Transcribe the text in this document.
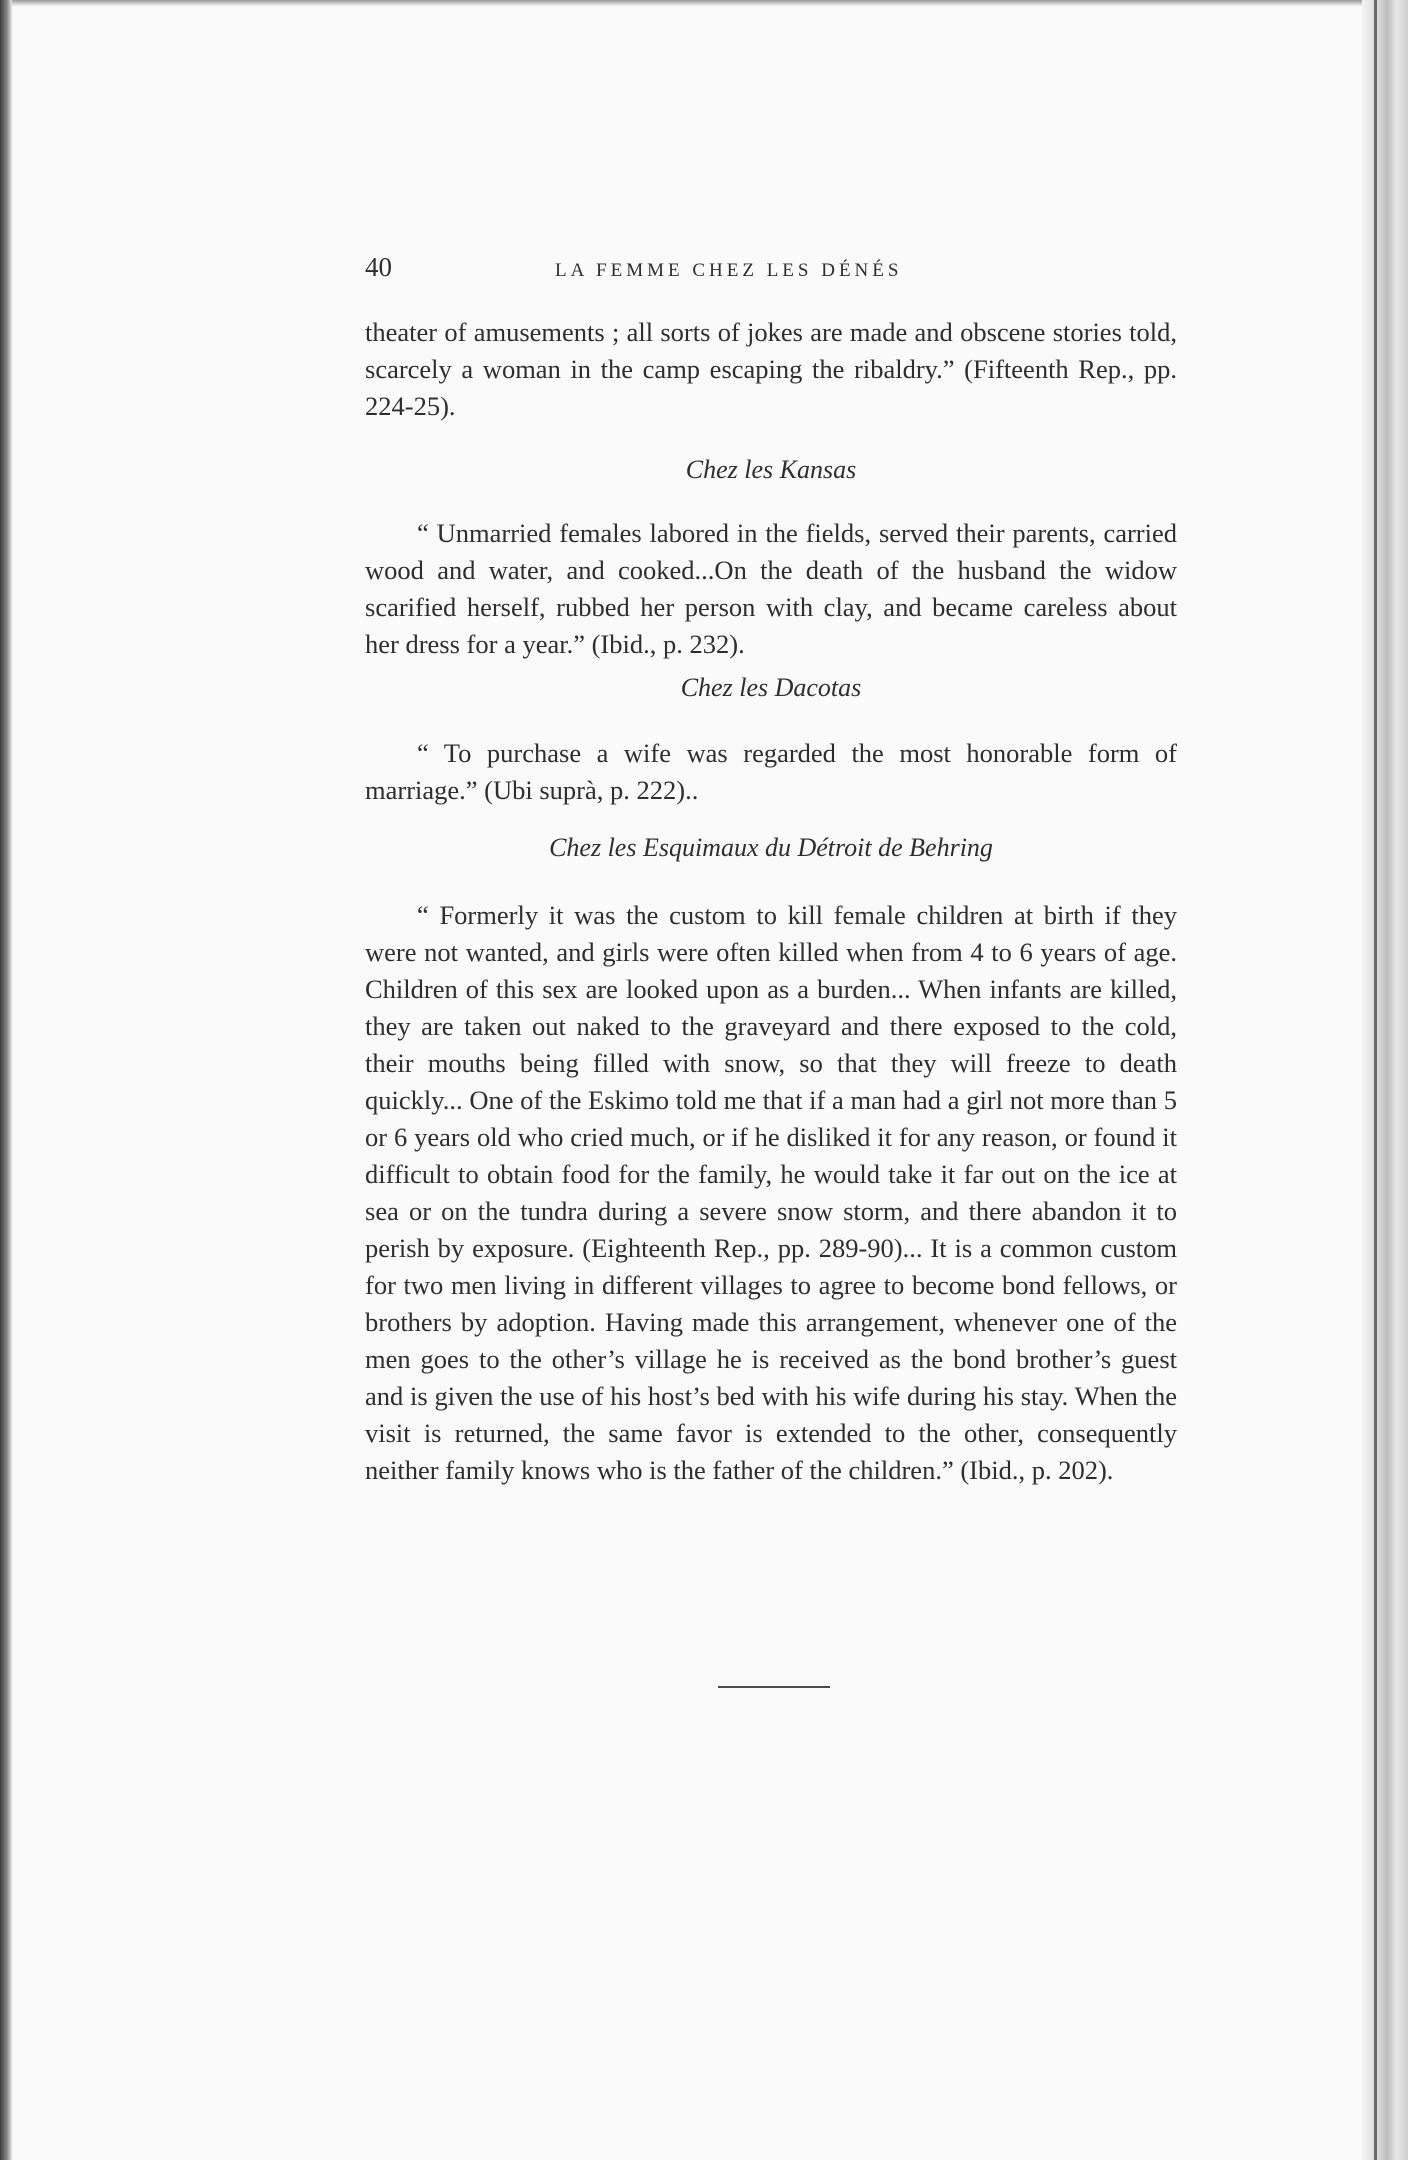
40	LA FEMME CHEZ LES DÉNÉS

theater of amusements ; all sorts of jokes are made and obscene stories told, scarcely a woman in the camp escaping the ribaldry.” (Fifteenth Rep., pp. 224-25).

Chez les Kansas

“ Unmarried females labored in the fields, served their parents, carried wood and water, and cooked...On the death of the husband the widow scarified herself, rubbed her person with clay, and became careless about her dress for a year.” (Ibid., p. 232).

Chez les Dacotas

“ To purchase a wife was regarded the most honorable form of marriage.” (Ubi suprà, p. 222)..

Chez les Esquimaux du Détroit de Behring

“ Formerly it was the custom to kill female children at birth if they were not wanted, and girls were often killed when from 4 to 6 years of age. Children of this sex are looked upon as a burden... When infants are killed, they are taken out naked to the graveyard and there exposed to the cold, their mouths being filled with snow, so that they will freeze to death quickly... One of the Eskimo told me that if a man had a girl not more than 5 or 6 years old who cried much, or if he disliked it for any reason, or found it difficult to obtain food for the family, he would take it far out on the ice at sea or on the tundra during a severe snow storm, and there abandon it to perish by exposure. (Eighteenth Rep., pp. 289-90)... It is a common custom for two men living in different villages to agree to become bond fellows, or brothers by adoption. Having made this arrangement, whenever one of the men goes to the other’s village he is received as the bond brother’s guest and is given the use of his host’s bed with his wife during his stay. When the visit is returned, the same favor is extended to the other, consequently neither family knows who is the father of the children.” (Ibid., p. 202).
